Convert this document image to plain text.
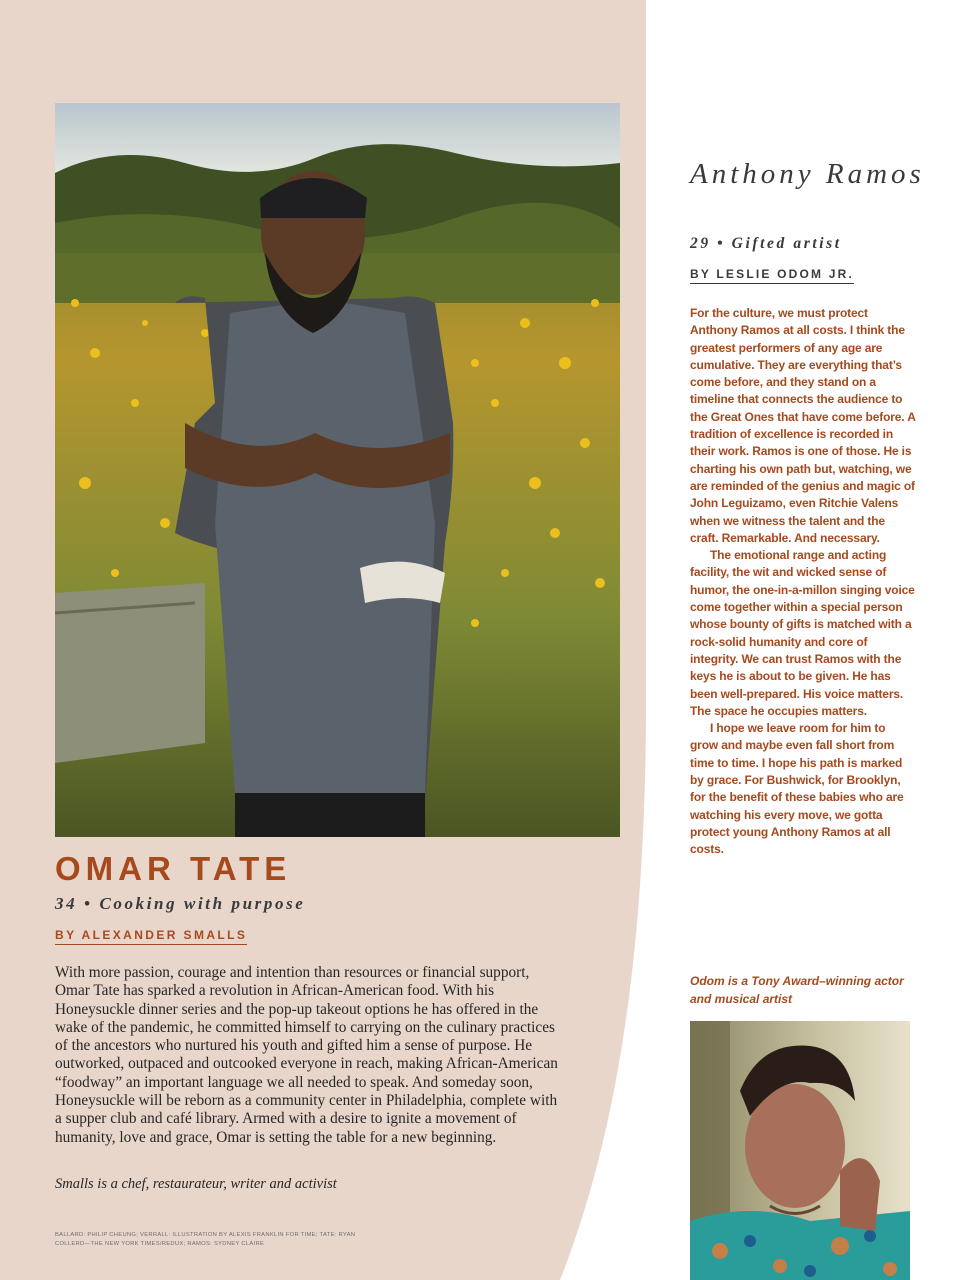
OMAR TATE

34 • Cooking with purpose

BY ALEXANDER SMALLS

With more passion, courage and intention than resources or financial support, Omar Tate has sparked a revolution in African-American food. With his Honeysuckle dinner series and the pop-up takeout options he has offered in the wake of the pandemic, he committed himself to carrying on the culinary practices of the ancestors who nurtured his youth and gifted him a sense of purpose. He outworked, outpaced and outcooked everyone in reach, making African-American “foodway” an important language we all needed to speak. And someday soon, Honeysuckle will be reborn as a community center in Philadelphia, complete with a supper club and café library. Armed with a desire to ignite a movement of humanity, love and grace, Omar is setting the table for a new beginning.

Smalls is a chef, restaurateur, writer and activist

BALLARD: PHILIP CHEUNG; VERRALL: ILLUSTRATION BY ALEXIS FRANKLIN FOR TIME; TATE: RYAN COLLERD—THE NEW YORK TIMES/REDUX; RAMOS: SYDNEY CLAIRE

Anthony Ramos

29 • Gifted artist

BY LESLIE ODOM JR.

For the culture, we must protect Anthony Ramos at all costs. I think the greatest performers of any age are cumulative. They are everything that’s come before, and they stand on a timeline that connects the audience to the Great Ones that have come before. A tradition of excellence is recorded in their work. Ramos is one of those. He is charting his own path but, watching, we are reminded of the genius and magic of John Leguizamo, even Ritchie Valens when we witness the talent and the craft. Remarkable. And necessary.

The emotional range and acting facility, the wit and wicked sense of humor, the one-in-a-millon singing voice come together within a special person whose bounty of gifts is matched with a rock-solid humanity and core of integrity. We can trust Ramos with the keys he is about to be given. He has been well-prepared. His voice matters. The space he occupies matters.

I hope we leave room for him to grow and maybe even fall short from time to time. I hope his path is marked by grace. For Bushwick, for Brooklyn, for the benefit of these babies who are watching his every move, we gotta protect young Anthony Ramos at all costs.

Odom is a Tony Award–winning actor and musical artist
